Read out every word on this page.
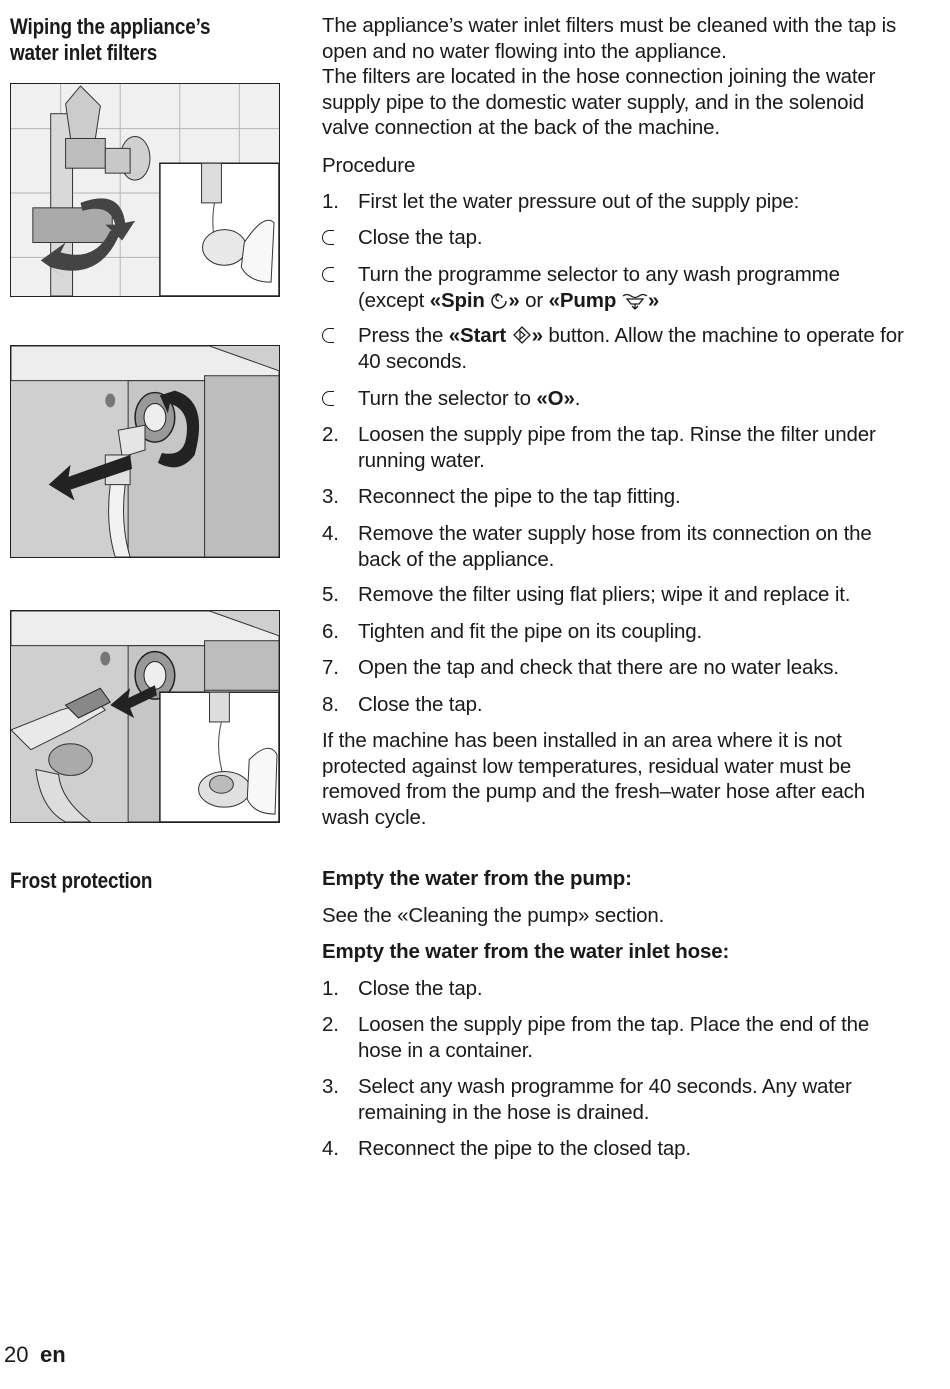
Wiping the appliance’s
water inlet filters
Frost protection
The appliance’s water inlet filters must be cleaned with the tap is
open and no water flowing into the appliance.
The filters are located in the hose connection joining the water
supply pipe to the domestic water supply, and in the solenoid
valve connection at the back of the machine.
Procedure
1. First let the water pressure out of the supply pipe:
Close the tap.
Turn the programme selector to any wash programme
(except «Spin » or «Pump »
Press the «Start » button. Allow the machine to operate for
40 seconds.
Turn the selector to «O».
2. Loosen the supply pipe from the tap. Rinse the filter under
running water.
3. Reconnect the pipe to the tap fitting.
4. Remove the water supply hose from its connection on the
back of the appliance.
5. Remove the filter using flat pliers; wipe it and replace it.
6. Tighten and fit the pipe on its coupling.
7. Open the tap and check that there are no water leaks.
8. Close the tap.
If the machine has been installed in an area where it is not
protected against low temperatures, residual water must be
removed from the pump and the fresh–water hose after each
wash cycle.
Empty the water from the pump:
See the «Cleaning the pump» section.
Empty the water from the water inlet hose:
1. Close the tap.
2. Loosen the supply pipe from the tap. Place the end of the
hose in a container.
3. Select any wash programme for 40 seconds. Any water
remaining in the hose is drained.
4. Reconnect the pipe to the closed tap.
20 en
